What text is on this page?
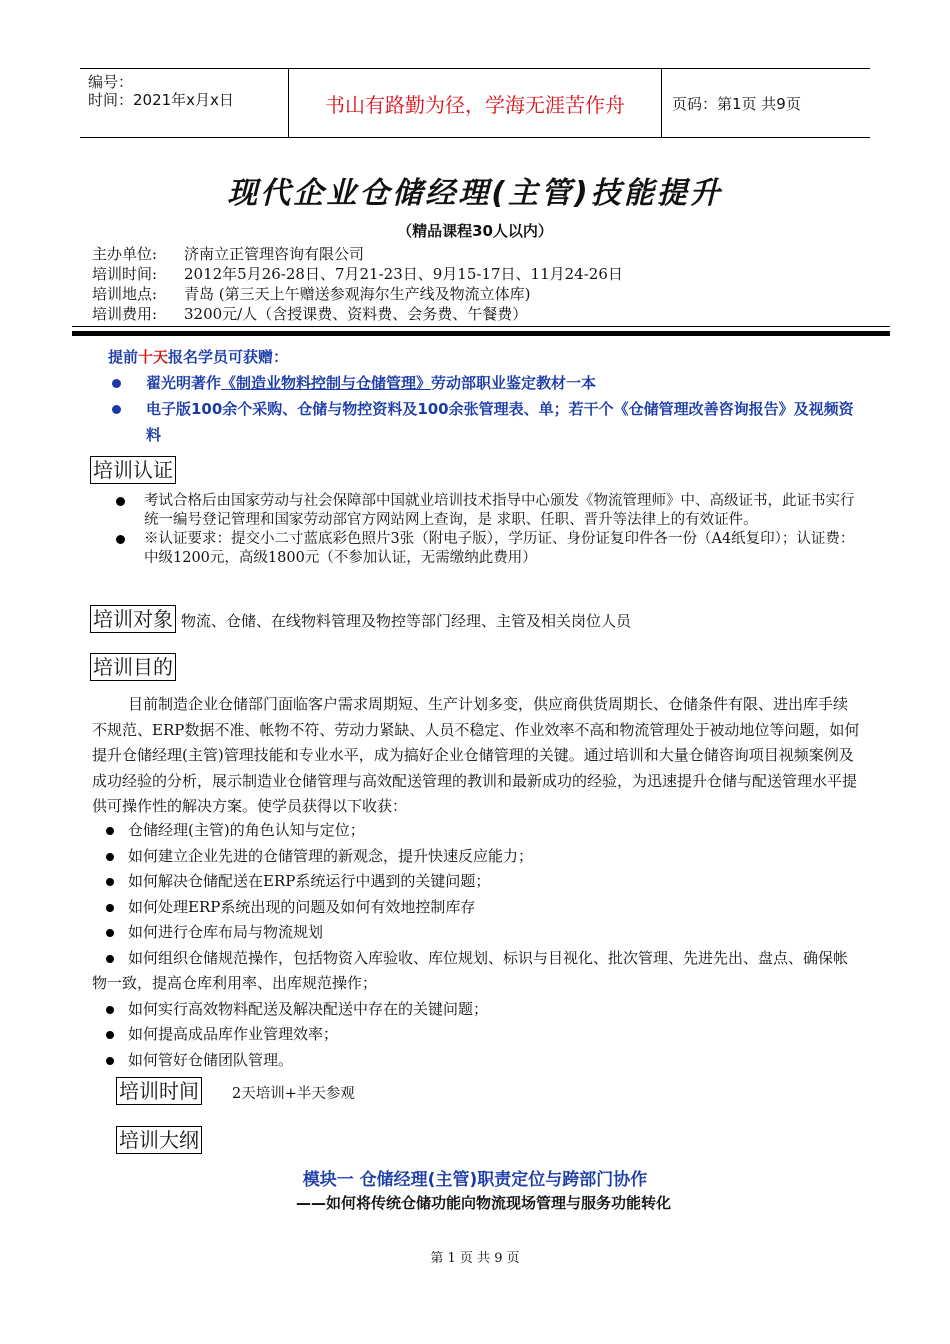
编号：
时间：2021年x月x日	书山有路勤为径，学海无涯苦作舟	页码：第1页 共9页
现代企业仓储经理(主管)技能提升
（精品课程30人以内）
主办单位:	济南立正管理咨询有限公司
培训时间:	2012年5月26-28日、7月21-23日、9月15-17日、11月24-26日
培训地点:	青岛 (第三天上午赠送参观海尔生产线及物流立体库)
培训费用:	3200元/人（含授课费、资料费、会务费、午餐费）
提前十天报名学员可获赠：
翟光明著作《制造业物料控制与仓储管理》劳动部职业鉴定教材一本
电子版100余个采购、仓储与物控资料及100余张管理表、单；若干个《仓储管理改善咨询报告》及视频资料
培训认证
考试合格后由国家劳动与社会保障部中国就业培训技术指导中心颁发《物流管理师》中、高级证书，此证书实行统一编号登记管理和国家劳动部官方网站网上查询，是 求职、任职、晋升等法律上的有效证件。
※认证要求：提交小二寸蓝底彩色照片3张（附电子版），学历证、身份证复印件各一份（A4纸复印）；认证费：中级1200元，高级1800元（不参加认证，无需缴纳此费用）
培训对象 物流、仓储、在线物料管理及物控等部门经理、主管及相关岗位人员
培训目的
目前制造企业仓储部门面临客户需求周期短、生产计划多变，供应商供货周期长、仓储条件有限、进出库手续不规范、ERP数据不准、帐物不符、劳动力紧缺、人员不稳定、作业效率不高和物流管理处于被动地位等问题，如何提升仓储经理(主管)管理技能和专业水平，成为搞好企业仓储管理的关键。通过培训和大量仓储咨询项目视频案例及成功经验的分析，展示制造业仓储管理与高效配送管理的教训和最新成功的经验，为迅速提升仓储与配送管理水平提供可操作性的解决方案。使学员获得以下收获：
仓储经理(主管)的角色认知与定位；
如何建立企业先进的仓储管理的新观念，提升快速反应能力；
如何解决仓储配送在ERP系统运行中遇到的关键问题；
如何处理ERP系统出现的问题及如何有效地控制库存
如何进行仓库布局与物流规划
如何组织仓储规范操作，包括物资入库验收、库位规划、标识与目视化、批次管理、先进先出、盘点、确保帐物一致，提高仓库利用率、出库规范操作；
如何实行高效物料配送及解决配送中存在的关键问题；
如何提高成品库作业管理效率；
如何管好仓储团队管理。
培训时间 2天培训+半天参观
培训大纲
模块一 仓储经理(主管)职责定位与跨部门协作
——如何将传统仓储功能向物流现场管理与服务功能转化
第 1 页 共 9 页
